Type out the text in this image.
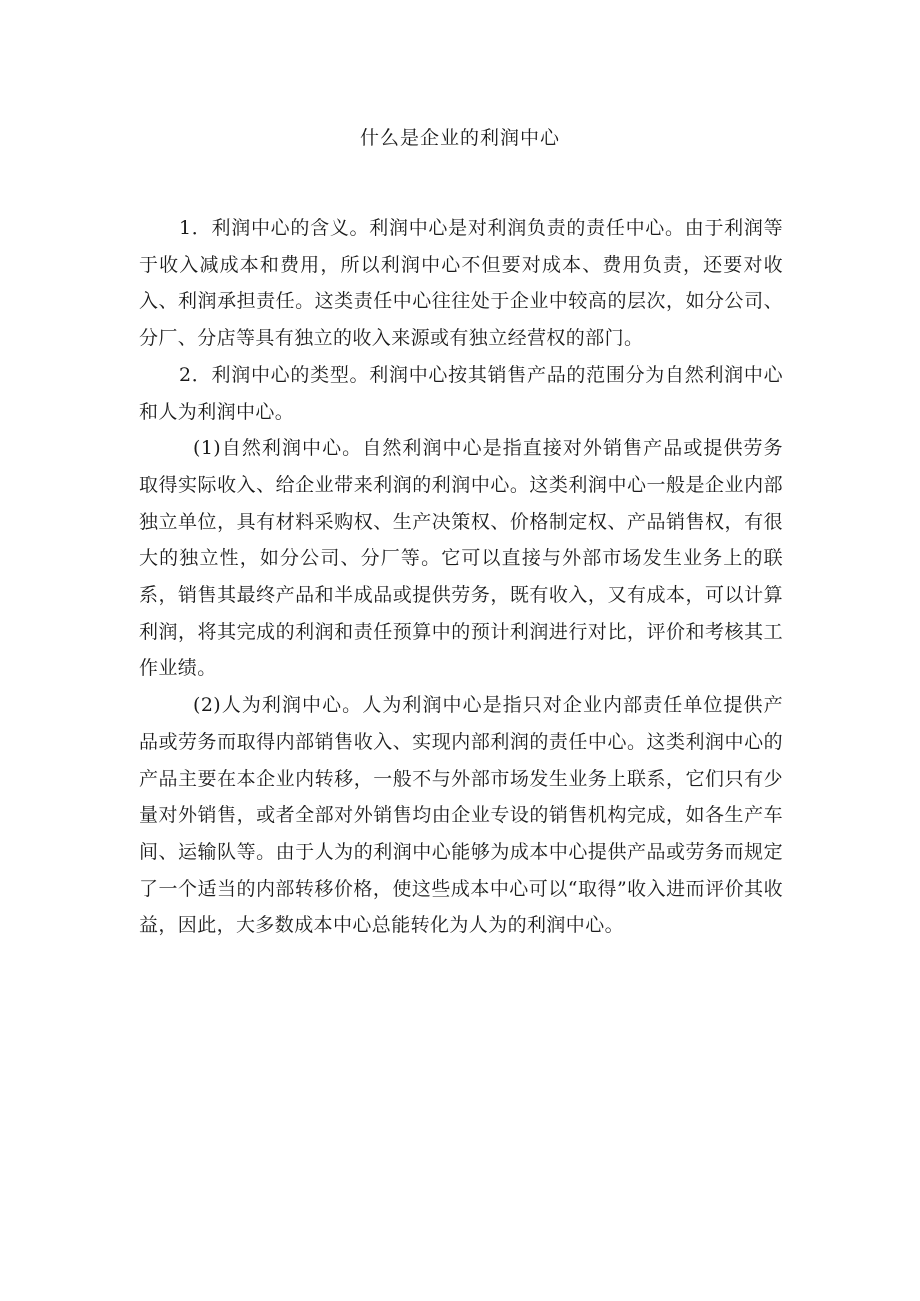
什么是企业的利润中心

1．利润中心的含义。利润中心是对利润负责的责任中心。由于利润等于收入减成本和费用，所以利润中心不但要对成本、费用负责，还要对收入、利润承担责任。这类责任中心往往处于企业中较高的层次，如分公司、分厂、分店等具有独立的收入来源或有独立经营权的部门。

2．利润中心的类型。利润中心按其销售产品的范围分为自然利润中心和人为利润中心。

(1)自然利润中心。自然利润中心是指直接对外销售产品或提供劳务取得实际收入、给企业带来利润的利润中心。这类利润中心一般是企业内部独立单位，具有材料采购权、生产决策权、价格制定权、产品销售权，有很大的独立性，如分公司、分厂等。它可以直接与外部市场发生业务上的联系，销售其最终产品和半成品或提供劳务，既有收入，又有成本，可以计算利润，将其完成的利润和责任预算中的预计利润进行对比，评价和考核其工作业绩。

(2)人为利润中心。人为利润中心是指只对企业内部责任单位提供产品或劳务而取得内部销售收入、实现内部利润的责任中心。这类利润中心的产品主要在本企业内转移，一般不与外部市场发生业务上联系，它们只有少量对外销售，或者全部对外销售均由企业专设的销售机构完成，如各生产车间、运输队等。由于人为的利润中心能够为成本中心提供产品或劳务而规定了一个适当的内部转移价格，使这些成本中心可以“取得”收入进而评价其收益，因此，大多数成本中心总能转化为人为的利润中心。
